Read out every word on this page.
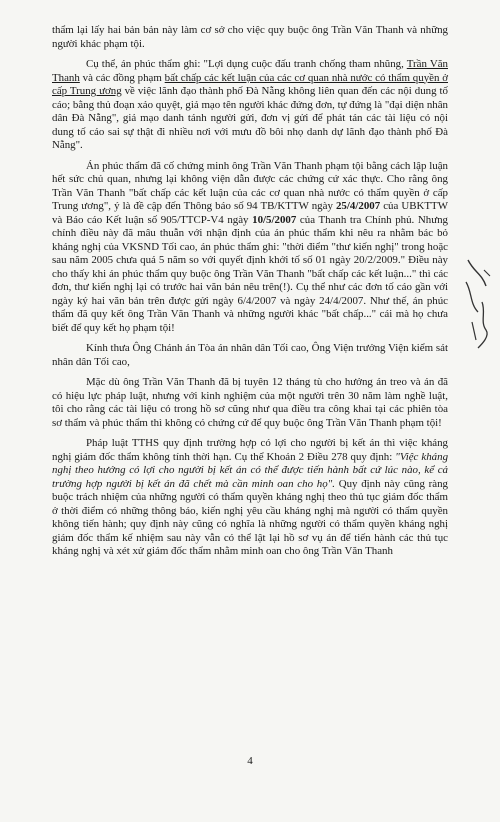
thẩm lại lấy hai bản bản này làm cơ sở cho việc quy buộc ông Trần Văn Thanh và những người khác phạm tội.

Cụ thể, án phúc thẩm ghi: "Lợi dụng cuộc đấu tranh chống tham nhũng, Trần Văn Thanh và các đồng phạm bất chấp các kết luận của các cơ quan nhà nước có thẩm quyền ở cấp Trung ương về việc lãnh đạo thành phố Đà Nẵng không liên quan đến các nội dung tố cáo; bằng thủ đoạn xảo quyệt, giả mạo tên người khác đứng đơn, tự đứng là "đại diện nhân dân Đà Nẵng", giả mạo danh tánh người gửi, đơn vị gửi để phát tán các tài liệu có nội dung tố cáo sai sự thật đi nhiều nơi với mưu đồ bôi nhọ danh dự lãnh đạo thành phố Đà Nẵng".

Án phúc thẩm đã cố chứng minh ông Trần Văn Thanh phạm tội bằng cách lập luận hết sức chủ quan, nhưng lại không viện dẫn được các chứng cứ xác thực. Cho rằng ông Trần Văn Thanh "bất chấp các kết luận của các cơ quan nhà nước có thẩm quyền ở cấp Trung ương", ý là đề cập đến Thông báo số 94 TB/KTTW ngày 25/4/2007 của UBKTTW và Báo cáo Kết luận số 905/TTCP-V4 ngày 10/5/2007 của Thanh tra Chính phủ. Nhưng chính điều này đã mâu thuẫn với nhận định của án phúc thẩm khi nêu ra nhằm bác bỏ kháng nghị của VKSND Tối cao, án phúc thẩm ghi: "thời điểm "thư kiến nghị" trong hoặc sau năm 2005 chưa quá 5 năm so với quyết định khởi tố số 01 ngày 20/2/2009." Điều này cho thấy khi án phúc thẩm quy buộc ông Trần Văn Thanh "bất chấp các kết luận..." thì các đơn, thư kiến nghị lại có trước hai văn bản nêu trên(!). Cụ thể như các đơn tố cáo gần với ngày ký hai văn bản trên được gửi ngày 6/4/2007 và ngày 24/4/2007. Như thế, án phúc thẩm đã quy kết ông Trần Văn Thanh và những người khác "bất chấp..." cái mà họ chưa biết để quy kết họ phạm tội!

Kính thưa Ông Chánh án Tòa án nhân dân Tối cao, Ông Viện trưởng Viện kiểm sát nhân dân Tối cao,

Mặc dù ông Trần Văn Thanh đã bị tuyên 12 tháng tù cho hưởng án treo và án đã có hiệu lực pháp luật, nhưng với kinh nghiệm của một người trên 30 năm làm nghề luật, tôi cho rằng các tài liệu có trong hồ sơ cũng như qua điều tra công khai tại các phiên tòa sơ thẩm và phúc thẩm thì không có chứng cứ để quy buộc ông Trần Văn Thanh phạm tội!

Pháp luật TTHS quy định trường hợp có lợi cho người bị kết án thì việc kháng nghị giám đốc thẩm không tính thời hạn. Cụ thể Khoản 2 Điều 278 quy định: "Việc kháng nghị theo hướng có lợi cho người bị kết án có thể được tiến hành bất cứ lúc nào, kể cả trường hợp người bị kết án đã chết mà cần minh oan cho họ". Quy định này cũng ràng buộc trách nhiệm của những người có thẩm quyền kháng nghị theo thủ tục giám đốc thẩm ở thời điểm có những thông báo, kiến nghị yêu cầu kháng nghị mà người có thẩm quyền không tiến hành; quy định này cũng có nghĩa là những người có thẩm quyền kháng nghị giám đốc thẩm kế nhiệm sau này vẫn có thể lật lại hồ sơ vụ án để tiến hành các thủ tục kháng nghị và xét xử giám đốc thẩm nhằm minh oan cho ông Trần Văn Thanh

4
